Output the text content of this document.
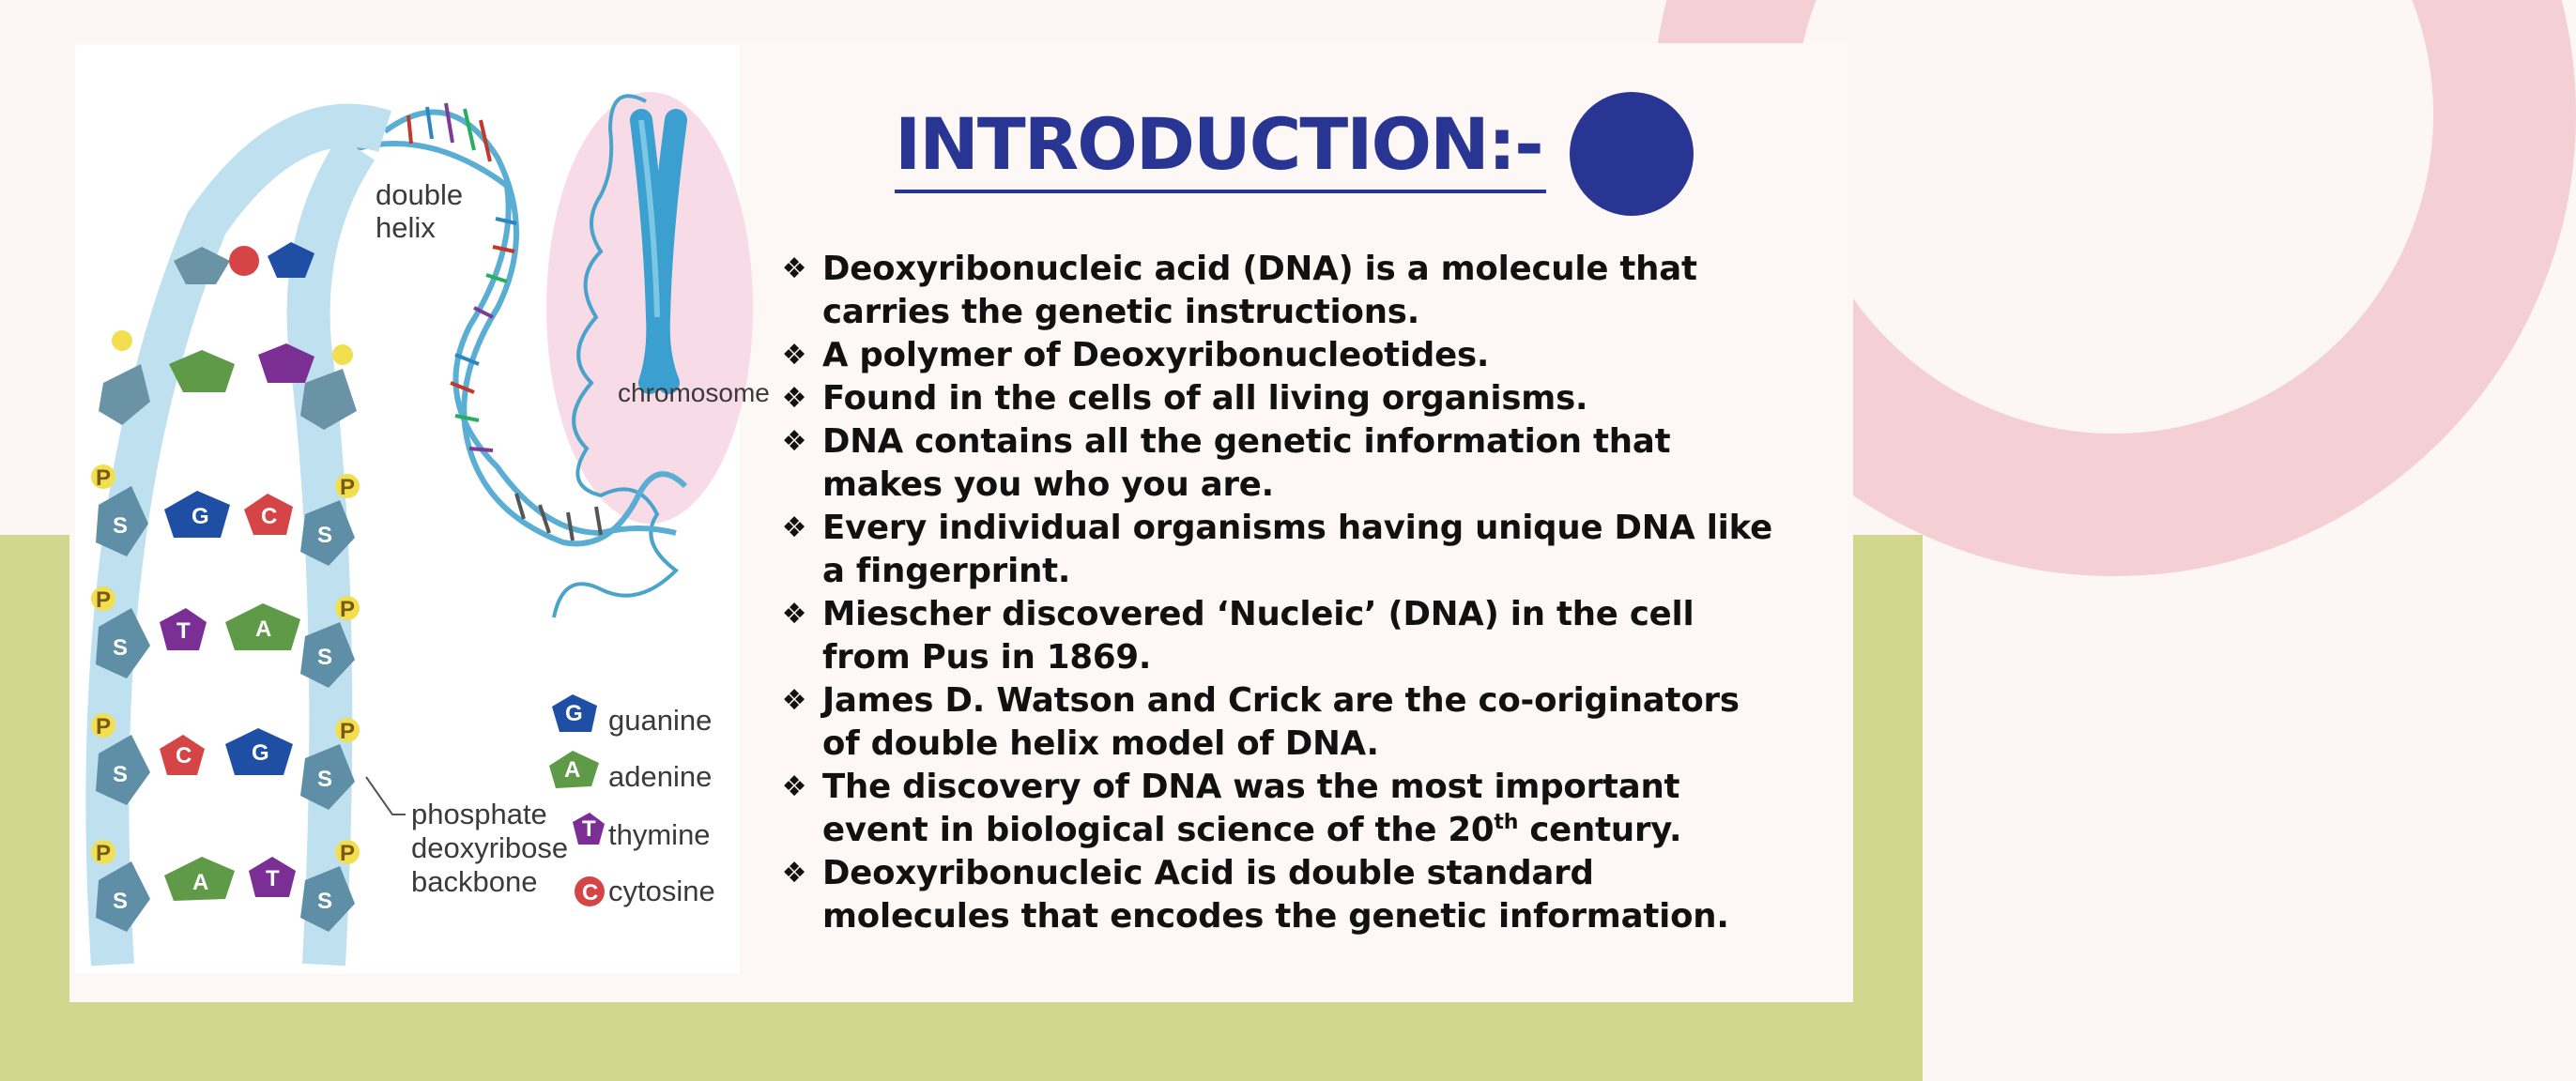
P	P
S	S
G C
P	P
S	S
T	A
P	P
S	S
C	G
P	P
S	S
A	T
double
helix
chromosome
phosphate
deoxyribose
backbone
G guanine
A adenine
T thymine
C cytosine
INTRODUCTION:-
❖ Deoxyribonucleic acid (DNA) is a molecule that
carries the genetic instructions.
❖ A polymer of Deoxyribonucleotides.
❖ Found in the cells of all living organisms.
❖ DNA contains all the genetic information that
makes you who you are.
❖ Every individual organisms having unique DNA like
a fingerprint.
❖ Miescher discovered ‘Nucleic’ (DNA) in the cell
from Pus in 1869.
❖ James D. Watson and Crick are the co-originators
of double helix model of DNA.
❖ The discovery of DNA was the most important
event in biological science of the 20th century.
❖ Deoxyribonucleic Acid is double standard
molecules that encodes the genetic information.
